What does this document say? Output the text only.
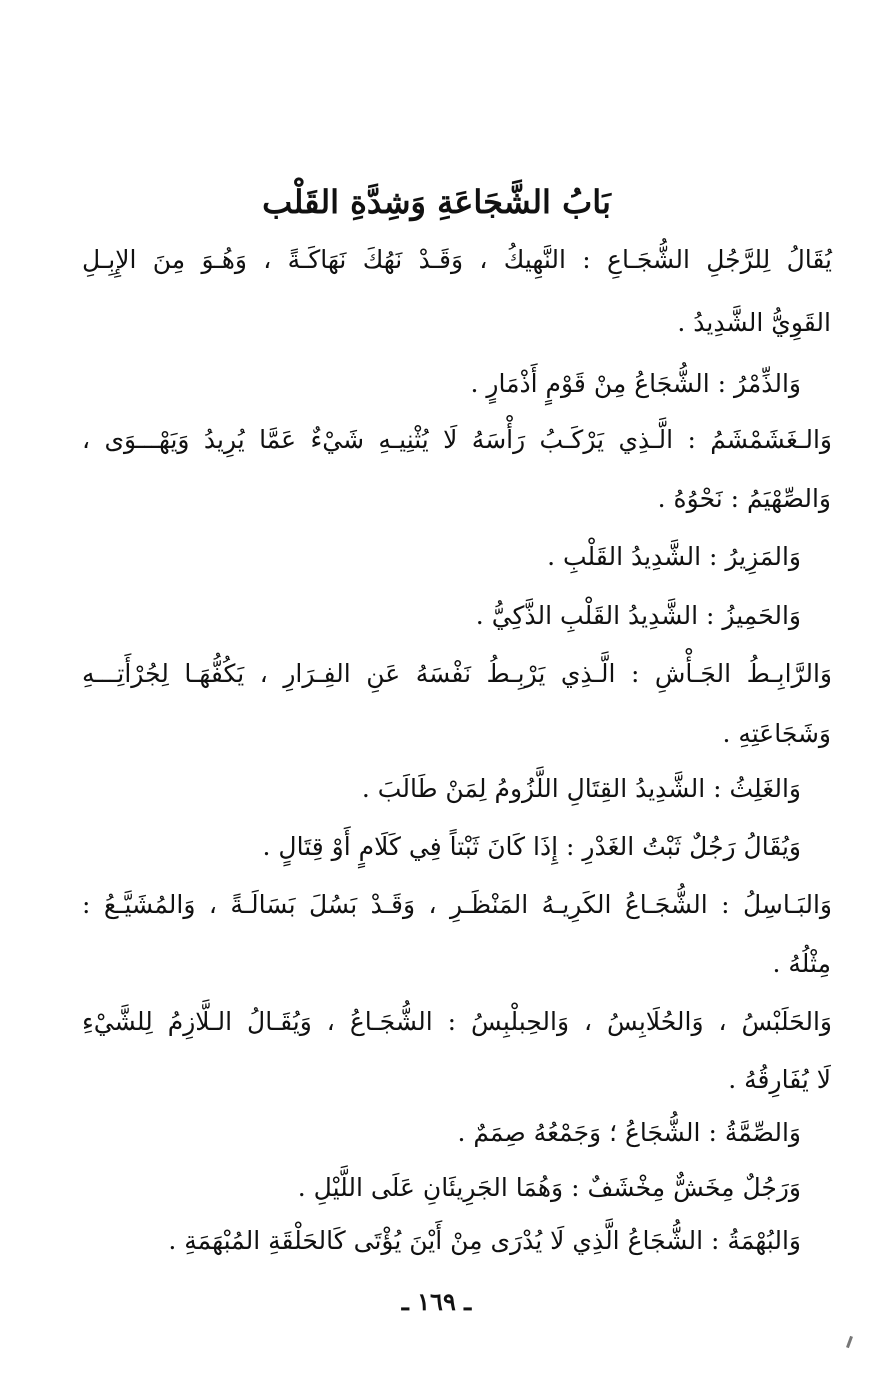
بَابُ الشَّجَاعَةِ وَشِدَّةِ القَلْب

يُقَالُ لِلرَّجُلِ الشُّجَـاعِ : النَّهِيكُ ، وَقَـدْ نَهُكَ نَهَاكَـةً ، وَهُـوَ مِنَ الإِبِـلِ

القَوِيُّ الشَّدِيدُ .

وَالذِّمْرُ : الشُّجَاعُ مِنْ قَوْمٍ أَذْمَارٍ .

وَالـغَشَمْشَمُ : الَّـذِي يَرْكَـبُ رَأْسَهُ لَا يُثْنِيـهِ شَيْءٌ عَمَّا يُرِيدُ وَيَهْـــوَى ،

وَالصِّهْيَمُ : نَحْوُهُ .

وَالمَزِيرُ : الشَّدِيدُ القَلْبِ .

وَالحَمِيزُ : الشَّدِيدُ القَلْبِ الذَّكِيُّ .

وَالرَّابِـطُ الجَـأْشِ : الَّـذِي يَرْبِـطُ نَفْسَهُ عَنِ الفِـرَارِ ، يَكُفُّهَـا لِجُرْأَتِـــهِ

وَشَجَاعَتِهِ .

وَالغَلِثُ : الشَّدِيدُ القِتَالِ اللَّزُومُ لِمَنْ طَالَبَ .

وَيُقَالُ رَجُلٌ ثَبْتُ الغَدْرِ : إِذَا كَانَ ثَبْتاً فِي كَلَامٍ أَوْ قِتَالٍ .

وَالبَـاسِلُ : الشُّجَـاعُ الكَرِيـهُ المَنْظَـرِ ، وَقَـدْ بَسُلَ بَسَالَـةً ، وَالمُشَيَّـعُ :

مِثْلُهُ .

وَالحَلَبْسُ ، وَالحُلَابِسُ ، وَالحِبلْبِسُ : الشُّجَـاعُ ، وَيُقَـالُ الـلَّازِمُ لِلشَّيْءِ

لَا يُفَارِقُهُ .

وَالصِّمَّةُ : الشُّجَاعُ ؛ وَجَمْعُهُ صِمَمٌ .

وَرَجُلٌ مِخَشٌّ مِخْشَفٌ : وَهُمَا الجَرِيئَانِ عَلَى اللَّيْلِ .

وَالبُهْمَةُ : الشُّجَاعُ الَّذِي لَا يُدْرَى مِنْ أَيْنَ يُؤْتَى كَالحَلْقَةِ المُبْهَمَةِ .

ـ ١٦٩ ـ
